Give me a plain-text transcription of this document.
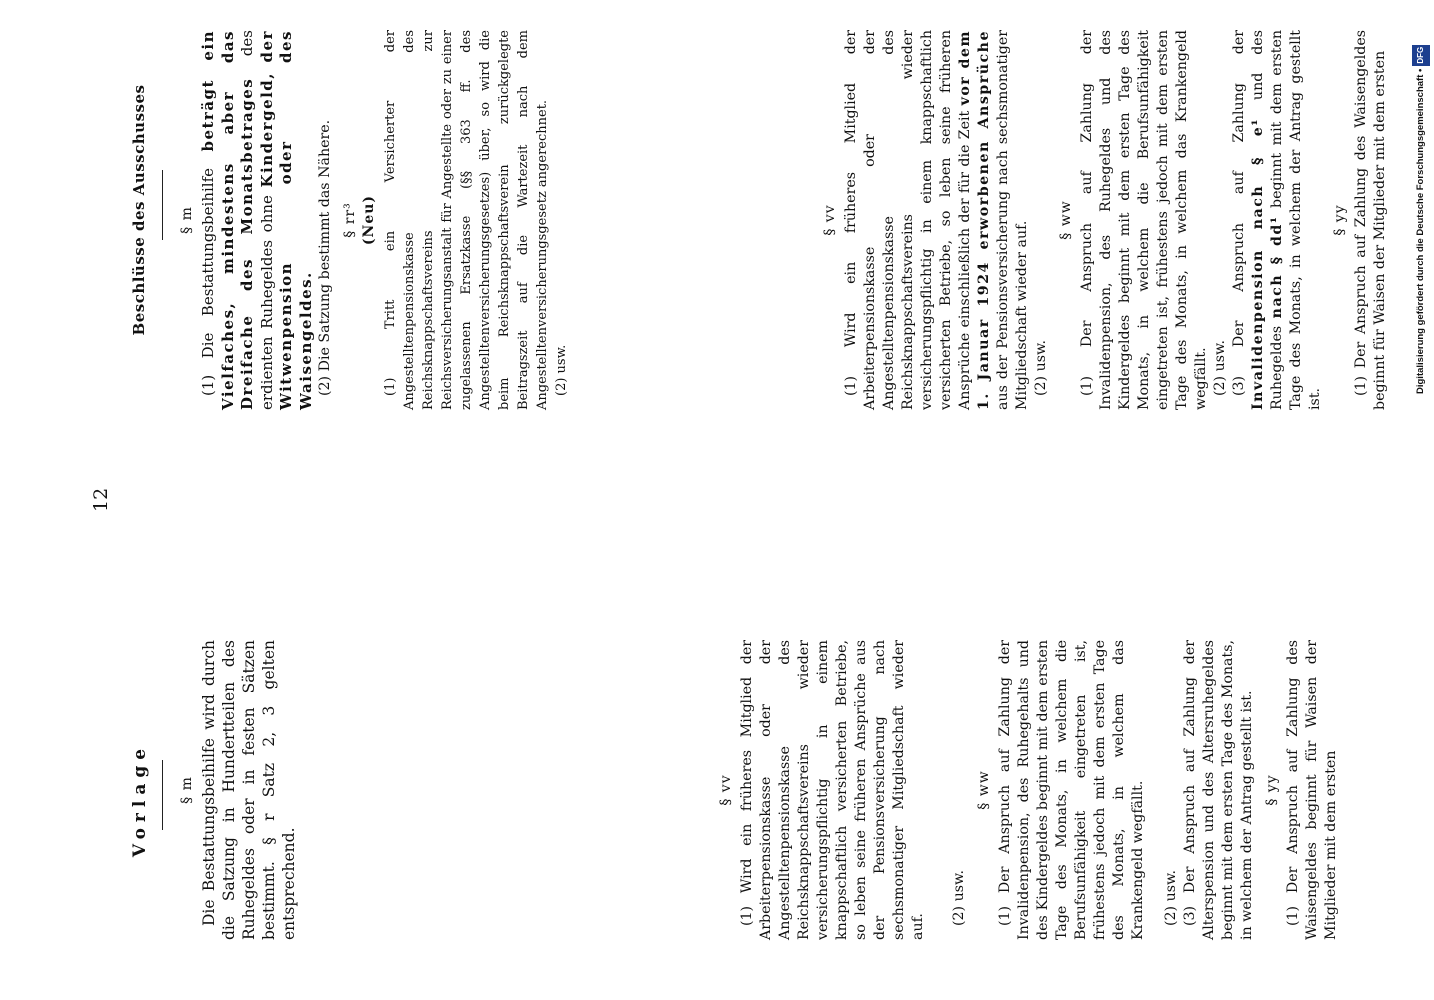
12
Vorlage § m Die Bestattungsbeihilfe wird durch die Satzung in Hundertteilen des Ruhegeldes oder in festen Sätzen bestimmt. § r Satz 2, 3 gelten entsprechend.

§ vv (1) Wird ein früheres Mitglied der Arbeiterpensionskasse oder der Angestelltenpensionskasse des Reichsknappschaftsvereins wieder versicherungspflichtig in einem knappschaftlich versicherten Betriebe, so leben seine früheren Ansprüche aus der Pensionsversicherung nach sechsmonatiger Mitgliedschaft wieder auf.

(2) usw.

§ ww (1) Der Anspruch auf Zahlung der Invalidenpension, des Ruhegehalts und des Kindergeldes beginnt mit dem ersten Tage des Monats, in welchem die Berufsunfähigkeit eingetreten ist, frühestens jedoch mit dem ersten Tage des Monats, in welchem das Krankengeld wegfällt. (2) usw. (3) Der Anspruch auf Zahlung der Alterspension und des Altersruhegeldes beginnt mit dem ersten Tage des Monats, in welchem der Antrag gestellt ist. § yy (1) Der Anspruch auf Zahlung des Waisengeldes beginnt für Waisen der Mitglieder mit dem ersten

Beschlüsse des Ausschusses § m (1) Die Bestattungsbeihilfe beträgt ein Vielfaches, mindestens aber das Dreifache des Monatsbetrages des erdienten Ruhegeldes ohne Kindergeld, der Witwenpension oder des Waisengeldes. (2) Die Satzung bestimmt das Nähere. § rr³ (Neu) (1) Tritt ein Versicherter der Angestelltenpensionskasse des Reichsknappschaftsvereins zur Reichsversicherungsanstalt für Angestellte oder zu einer zugelassenen Ersatzkasse (§§ 363 ff. des Angestelltenversicherungsgesetzes) über, so wird die beim Reichsknappschaftsverein zurückgelegte Beitragszeit auf die Wartezeit nach dem Angestelltenversicherungsgesetz angerechnet. (2) usw.

§ vv (1) Wird ein früheres Mitglied der Arbeiterpensionskasse oder der Angestelltenpensionskasse des Reichsknappschaftsvereins wieder versicherungspflichtig in einem knappschaftlich versicherten Betriebe, so leben seine früheren Ansprüche einschließlich der für die Zeit vor dem 1. Januar 1924 erworbenen Ansprüche aus der Pensionsversicherung nach sechsmonatiger Mitgliedschaft wieder auf. (2) usw.

§ ww (1) Der Anspruch auf Zahlung der Invalidenpension, des Ruhegeldes und des Kindergeldes beginnt mit dem ersten Tage des Monats, in welchem die Berufsunfähigkeit eingetreten ist, frühestens jedoch mit dem ersten Tage des Monats, in welchem das Krankengeld wegfällt. (2) usw. (3) Der Anspruch auf Zahlung der Invalidenpension nach § e¹ und des Ruhegeldes nach § dd¹ beginnt mit dem ersten Tage des Monats, in welchem der Antrag gestellt ist.

§ yy (1) Der Anspruch auf Zahlung des Waisengeldes beginnt für Waisen der Mitglieder mit dem ersten	Digitalisierung gefördert durch die Deutsche Forschungsgemeinschaft •DFG
